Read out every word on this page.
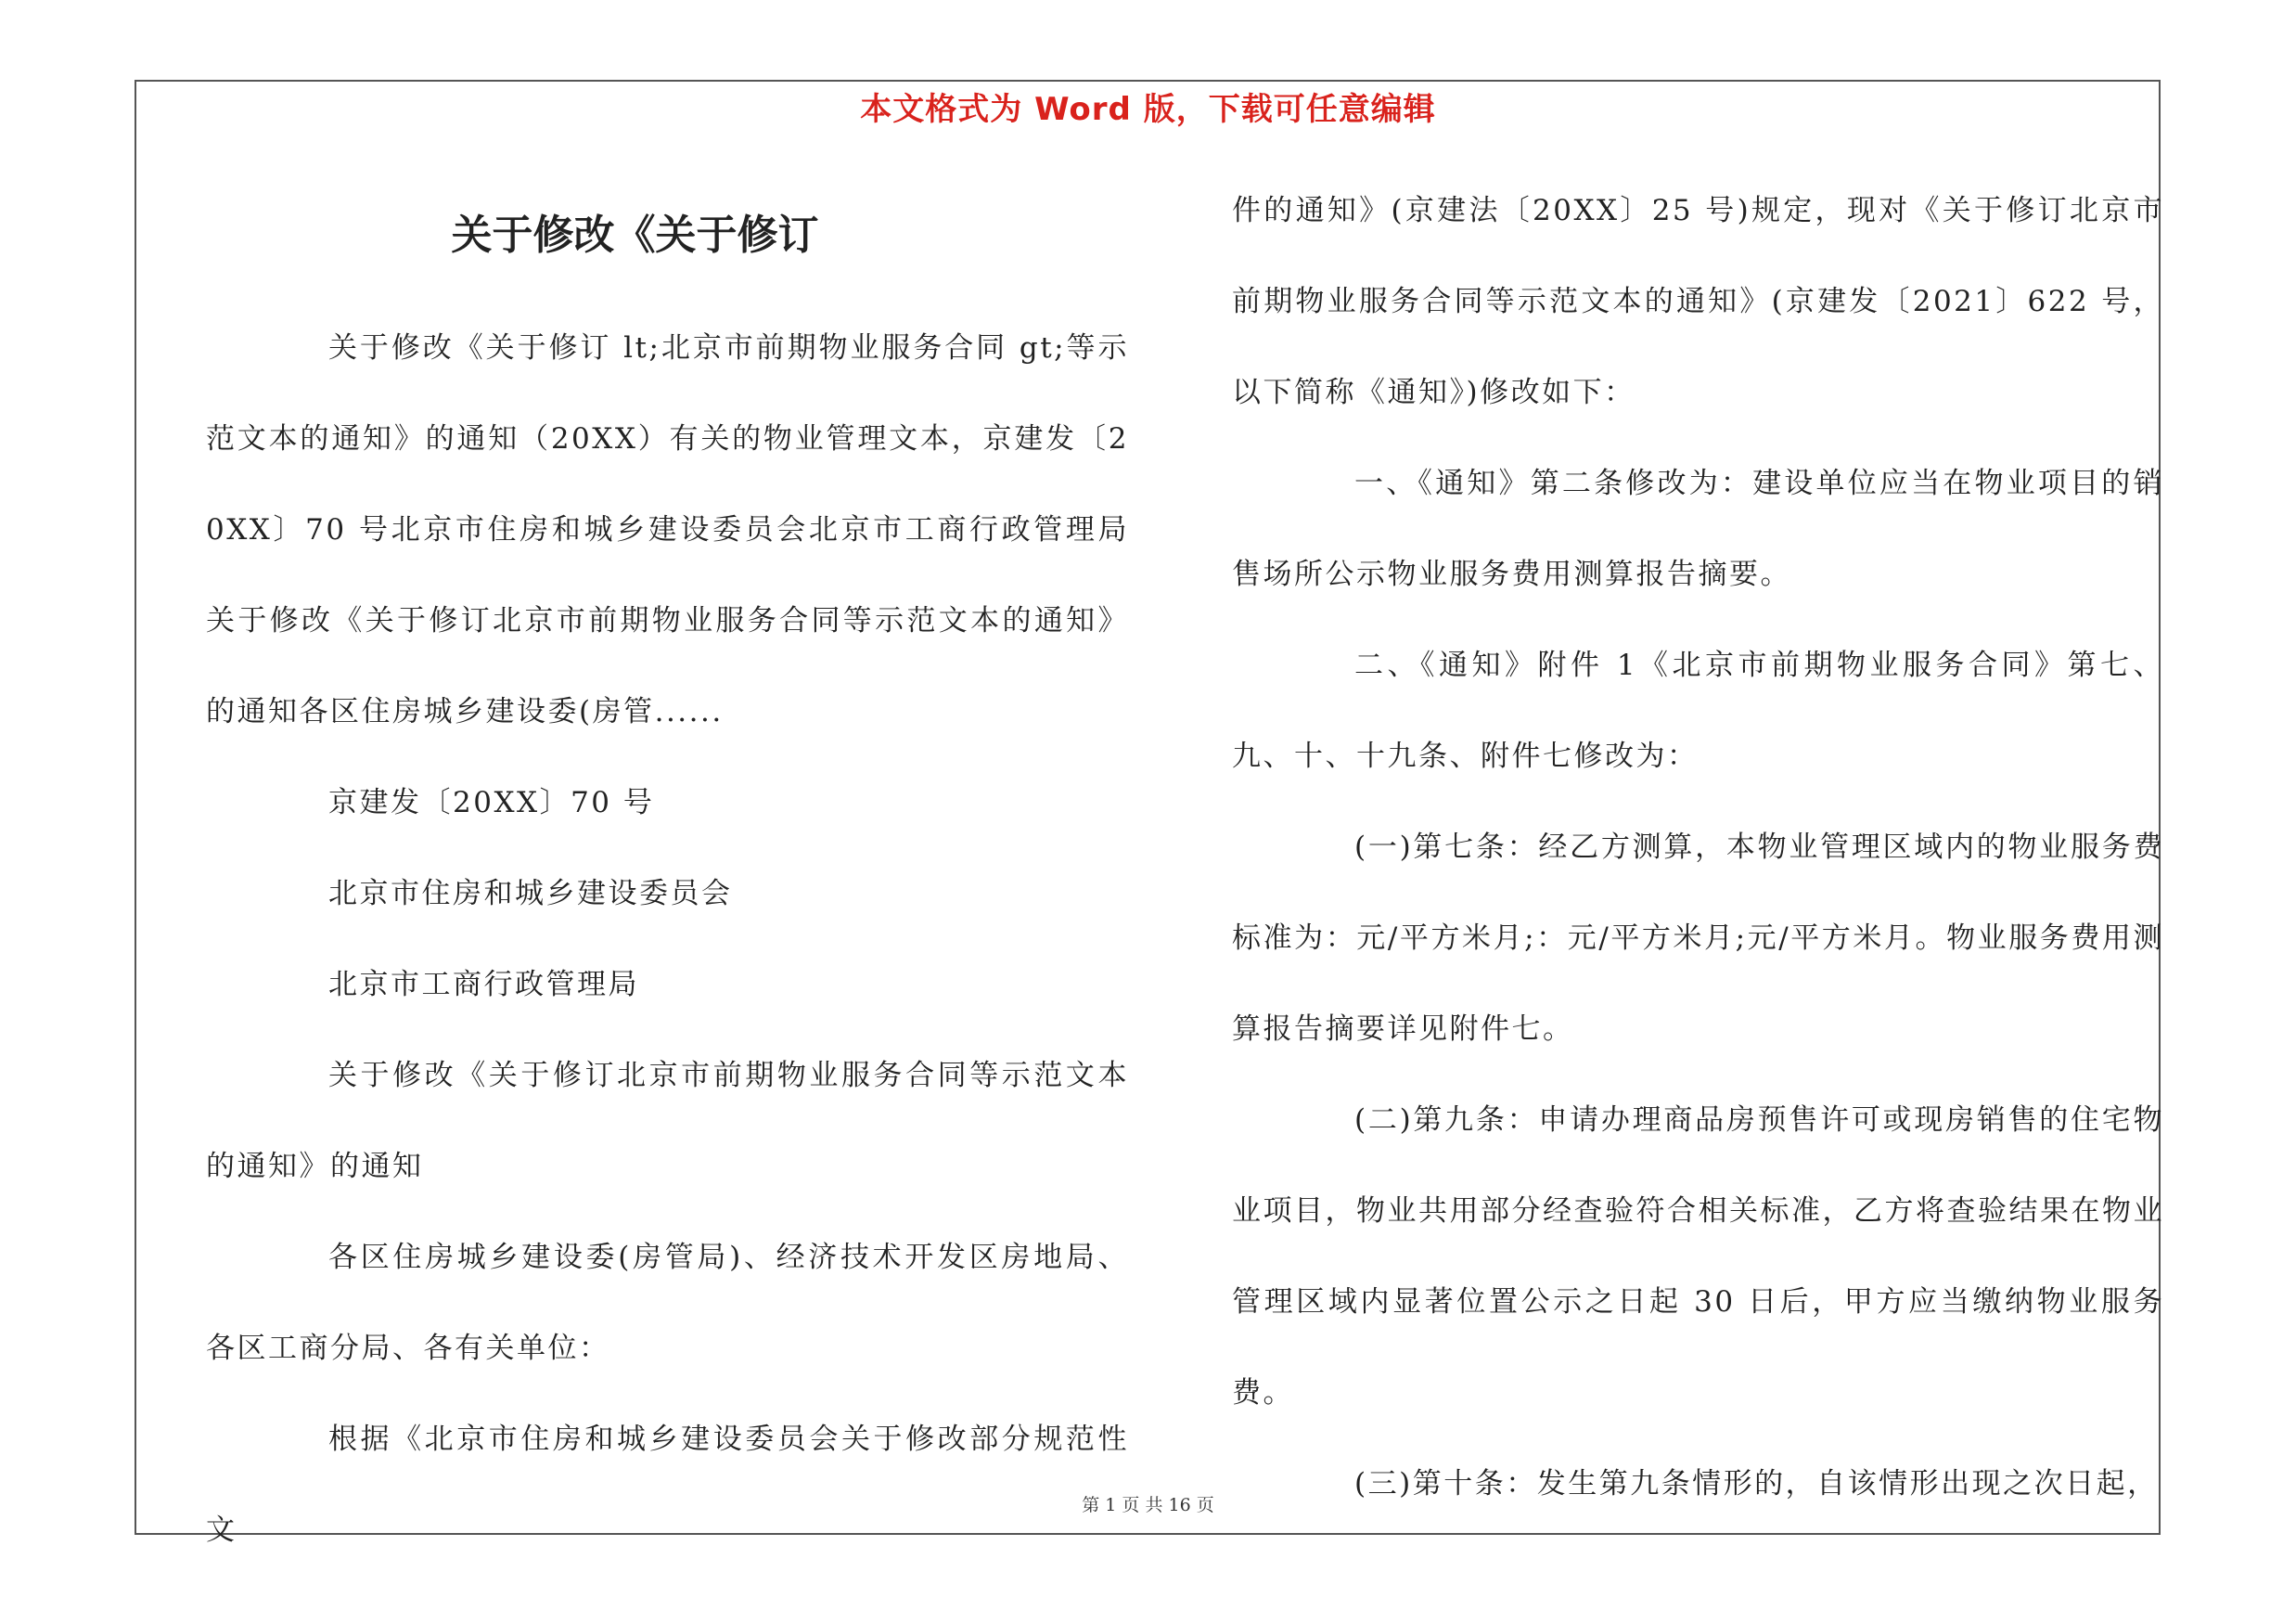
本文格式为 Word 版，下载可任意编辑
关于修改《关于修订

关于修改《关于修订 lt;北京市前期物业服务合同 gt;等示范文本的通知》的通知（20XX）有关的物业管理文本，京建发〔20XX〕70 号北京市住房和城乡建设委员会北京市工商行政管理局关于修改《关于修订北京市前期物业服务合同等示范文本的通知》的通知各区住房城乡建设委(房管......

京建发〔20XX〕70 号

北京市住房和城乡建设委员会

北京市工商行政管理局

关于修改《关于修订北京市前期物业服务合同等示范文本的通知》的通知

各区住房城乡建设委(房管局)、经济技术开发区房地局、各区工商分局、各有关单位：

根据《北京市住房和城乡建设委员会关于修改部分规范性文

件的通知》(京建法〔20XX〕25 号)规定，现对《关于修订北京市前期物业服务合同等示范文本的通知》(京建发〔2021〕622 号，以下简称《通知》)修改如下：

一、《通知》第二条修改为：建设单位应当在物业项目的销售场所公示物业服务费用测算报告摘要。

二、《通知》附件 1《北京市前期物业服务合同》第七、九、十、十九条、附件七修改为：

(一)第七条：经乙方测算，本物业管理区域内的物业服务费标准为：元/平方米月;：元/平方米月;元/平方米月。物业服务费用测算报告摘要详见附件七。

(二)第九条：申请办理商品房预售许可或现房销售的住宅物业项目，物业共用部分经查验符合相关标准，乙方将查验结果在物业管理区域内显著位置公示之日起 30 日后，甲方应当缴纳物业服务费。

(三)第十条：发生第九条情形的，自该情形出现之次日起，

第 1 页 共 16 页
